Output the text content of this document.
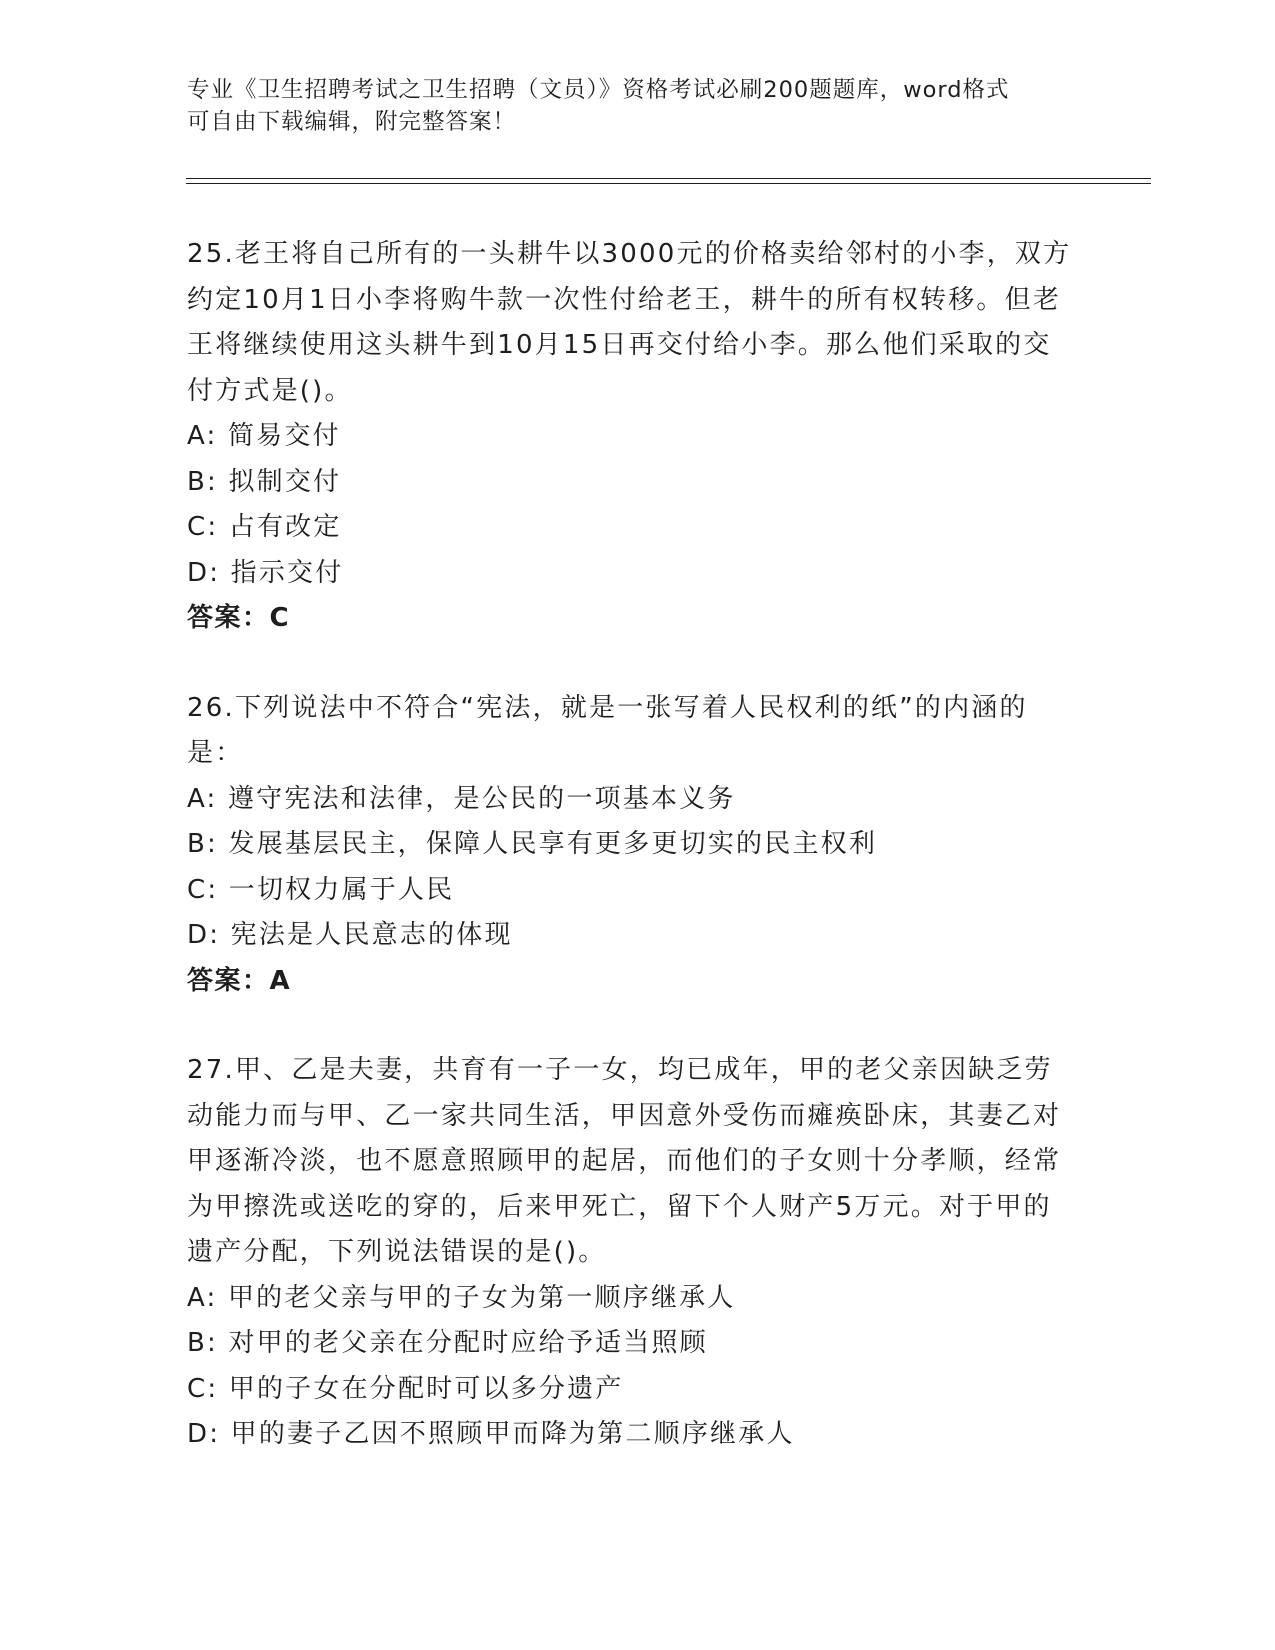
专业《卫生招聘考试之卫生招聘（文员）》资格考试必刷200题题库，word格式
可自由下载编辑，附完整答案！
25.老王将自己所有的一头耕牛以3000元的价格卖给邻村的小李，双方约定10月1日小李将购牛款一次性付给老王，耕牛的所有权转移。但老王将继续使用这头耕牛到10月15日再交付给小李。那么他们采取的交付方式是()。
A: 简易交付
B: 拟制交付
C: 占有改定
D: 指示交付
答案：C
26.下列说法中不符合“宪法，就是一张写着人民权利的纸”的内涵的是：
A: 遵守宪法和法律，是公民的一项基本义务
B: 发展基层民主，保障人民享有更多更切实的民主权利
C: 一切权力属于人民
D: 宪法是人民意志的体现
答案：A
27.甲、乙是夫妻，共育有一子一女，均已成年，甲的老父亲因缺乏劳动能力而与甲、乙一家共同生活，甲因意外受伤而瘫痪卧床，其妻乙对甲逐渐冷淡，也不愿意照顾甲的起居，而他们的子女则十分孝顺，经常为甲擦洗或送吃的穿的，后来甲死亡，留下个人财产5万元。对于甲的遗产分配，下列说法错误的是()。
A: 甲的老父亲与甲的子女为第一顺序继承人
B: 对甲的老父亲在分配时应给予适当照顾
C: 甲的子女在分配时可以多分遗产
D: 甲的妻子乙因不照顾甲而降为第二顺序继承人
